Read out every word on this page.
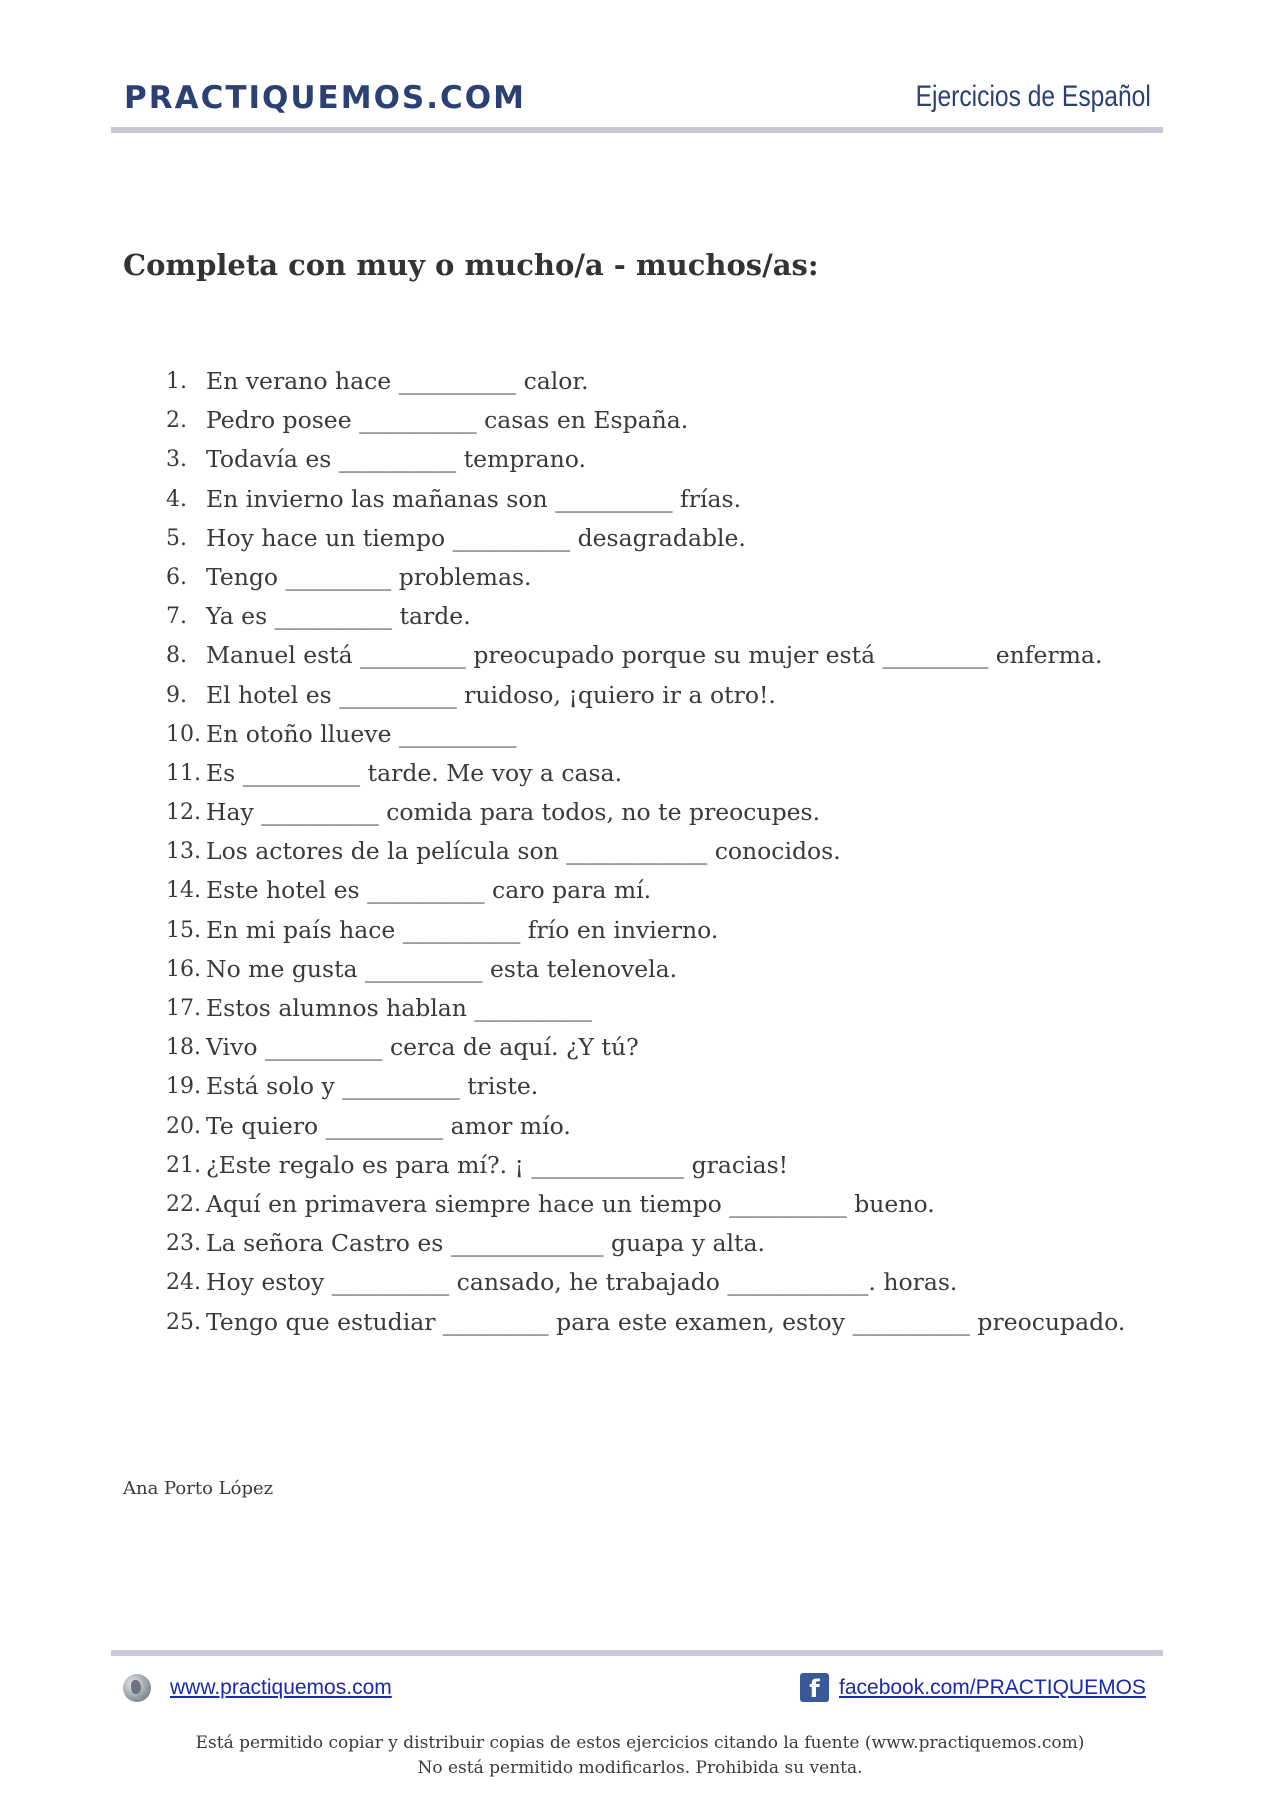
PRACTIQUEMOS.COM	Ejercicios de Español
Completa con muy o mucho/a - muchos/as:
1. En verano hace __________ calor.
2. Pedro posee __________ casas en España.
3. Todavía es __________ temprano.
4. En invierno las mañanas son __________ frías.
5. Hoy hace un tiempo __________ desagradable.
6. Tengo _________ problemas.
7. Ya es __________ tarde.
8. Manuel está _________ preocupado porque su mujer está _________ enferma.
9. El hotel es __________ ruidoso, ¡quiero ir a otro!.
10. En otoño llueve __________
11. Es __________ tarde. Me voy a casa.
12. Hay __________ comida para todos, no te preocupes.
13. Los actores de la película son ____________ conocidos.
14. Este hotel es __________ caro para mí.
15. En mi país hace __________ frío en invierno.
16. No me gusta __________ esta telenovela.
17. Estos alumnos hablan __________
18. Vivo __________ cerca de aquí. ¿Y tú?
19. Está solo y __________ triste.
20. Te quiero __________ amor mío.
21. ¿Este regalo es para mí?. ¡ _____________ gracias!
22. Aquí en primavera siempre hace un tiempo __________ bueno.
23. La señora Castro es _____________ guapa y alta.
24. Hoy estoy __________ cansado, he trabajado ____________. horas.
25. Tengo que estudiar _________ para este examen, estoy __________ preocupado.
Ana Porto López
www.practiquemos.com	f facebook.com/PRACTIQUEMOS
Está permitido copiar y distribuir copias de estos ejercicios citando la fuente (www.practiquemos.com)
No está permitido modificarlos. Prohibida su venta.
